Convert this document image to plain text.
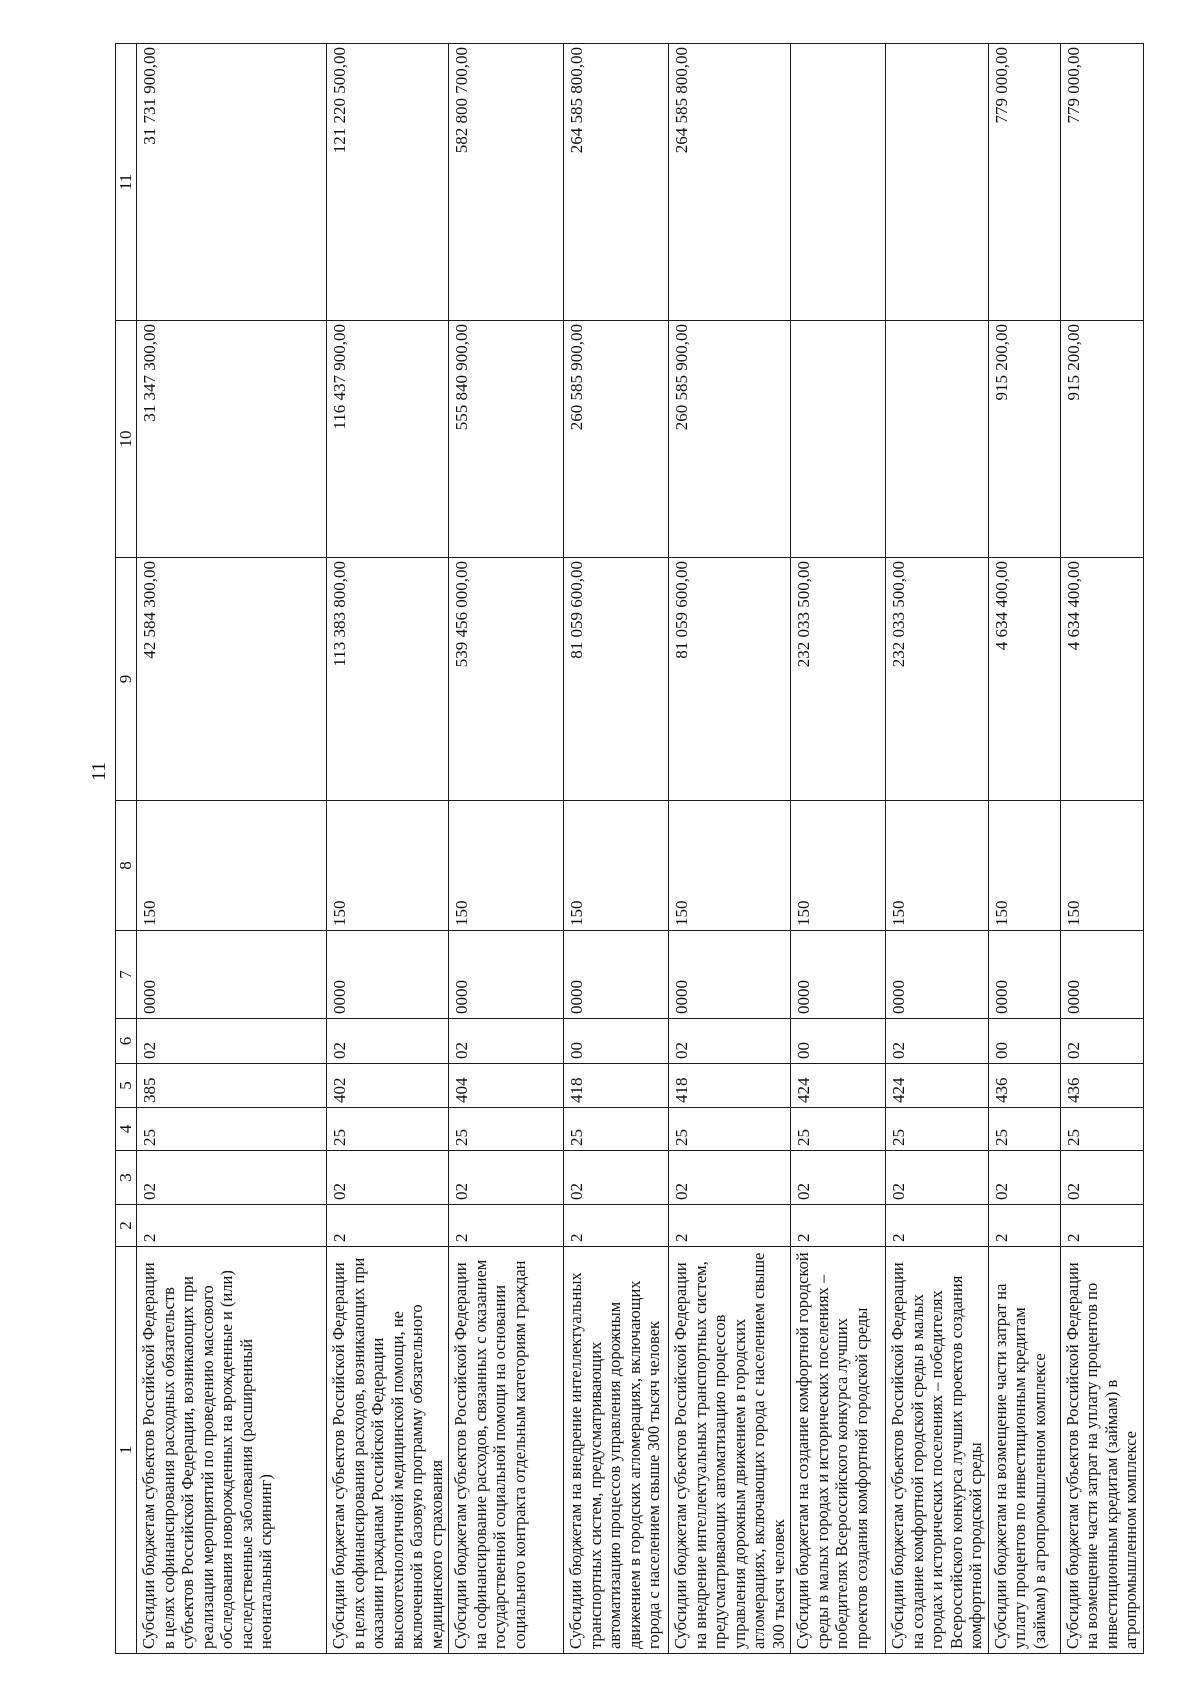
11
1	2	3	4	5	6	7	8	9	10	11
Субсидии бюджетам субъектов Российской Федерации в целях софинансирования расходных обязательств субъектов Российской Федерации, возникающих при реализации мероприятий по проведению массового обследования новорожденных на врожденные и (или) наследственные заболевания (расширенный неонатальный скрининг)	2	02	25	385	02	0000	150	42 584 300,00	31 347 300,00	31 731 900,00
Субсидии бюджетам субъектов Российской Федерации в целях софинансирования расходов, возникающих при оказании гражданам Российской Федерации высокотехнологичной медицинской помощи, не включенной в базовую программу обязательного медицинского страхования	2	02	25	402	02	0000	150	113 383 800,00	116 437 900,00	121 220 500,00
Субсидии бюджетам субъектов Российской Федерации на софинансирование расходов, связанных с оказанием государственной социальной помощи на основании социального контракта отдельным категориям граждан	2	02	25	404	02	0000	150	539 456 000,00	555 840 900,00	582 800 700,00
Субсидии бюджетам на внедрение интеллектуальных транспортных систем, предусматривающих автоматизацию процессов управления дорожным движением в городских агломерациях, включающих города с населением свыше 300 тысяч человек	2	02	25	418	00	0000	150	81 059 600,00	260 585 900,00	264 585 800,00
Субсидии бюджетам субъектов Российской Федерации на внедрение интеллектуальных транспортных систем, предусматривающих автоматизацию процессов управления дорожным движением в городских агломерациях, включающих города с населением свыше 300 тысяч человек	2	02	25	418	02	0000	150	81 059 600,00	260 585 900,00	264 585 800,00
Субсидии бюджетам на создание комфортной городской среды в малых городах и исторических поселениях – победителях Всероссийского конкурса лучших проектов создания комфортной городской среды	2	02	25	424	00	0000	150	232 033 500,00		
Субсидии бюджетам субъектов Российской Федерации на создание комфортной городской среды в малых городах и исторических поселениях – победителях Всероссийского конкурса лучших проектов создания комфортной городской среды	2	02	25	424	02	0000	150	232 033 500,00		
Субсидии бюджетам на возмещение части затрат на уплату процентов по инвестиционным кредитам (займам) в агропромышленном комплексе	2	02	25	436	00	0000	150	4 634 400,00	915 200,00	779 000,00
Субсидии бюджетам субъектов Российской Федерации на возмещение части затрат на уплату процентов по инвестиционным кредитам (займам) в агропромышленном комплексе	2	02	25	436	02	0000	150	4 634 400,00	915 200,00	779 000,00
